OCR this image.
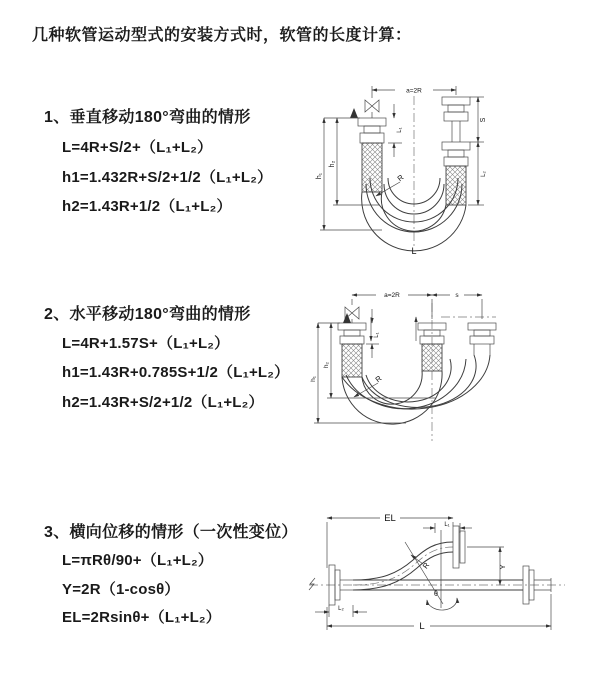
几种软管运动型式的安装方式时，软管的长度计算：
1、垂直移动180°弯曲的情形
L=4R+S/2+（L₁+L₂）
h1=1.432R+S/2+1/2（L₁+L₂）
h2=1.43R+1/2（L₁+L₂）
2、水平移动180°弯曲的情形
L=4R+1.57S+（L₁+L₂）
h1=1.43R+0.785S+1/2（L₁+L₂）
h2=1.43R+S/2+1/2（L₁+L₂）
3、横向位移的情形（一次性变位）
L=πRθ/90+（L₁+L₂）
Y=2R（1-cosθ）
EL=2Rsinθ+（L₁+L₂）
a=2R
h₁
h₂
L₁
S
L₂
R
L
a=2R	s
h₁
h₂
L₁
R
EL
L₁
θ
R	Y
L
L₂
